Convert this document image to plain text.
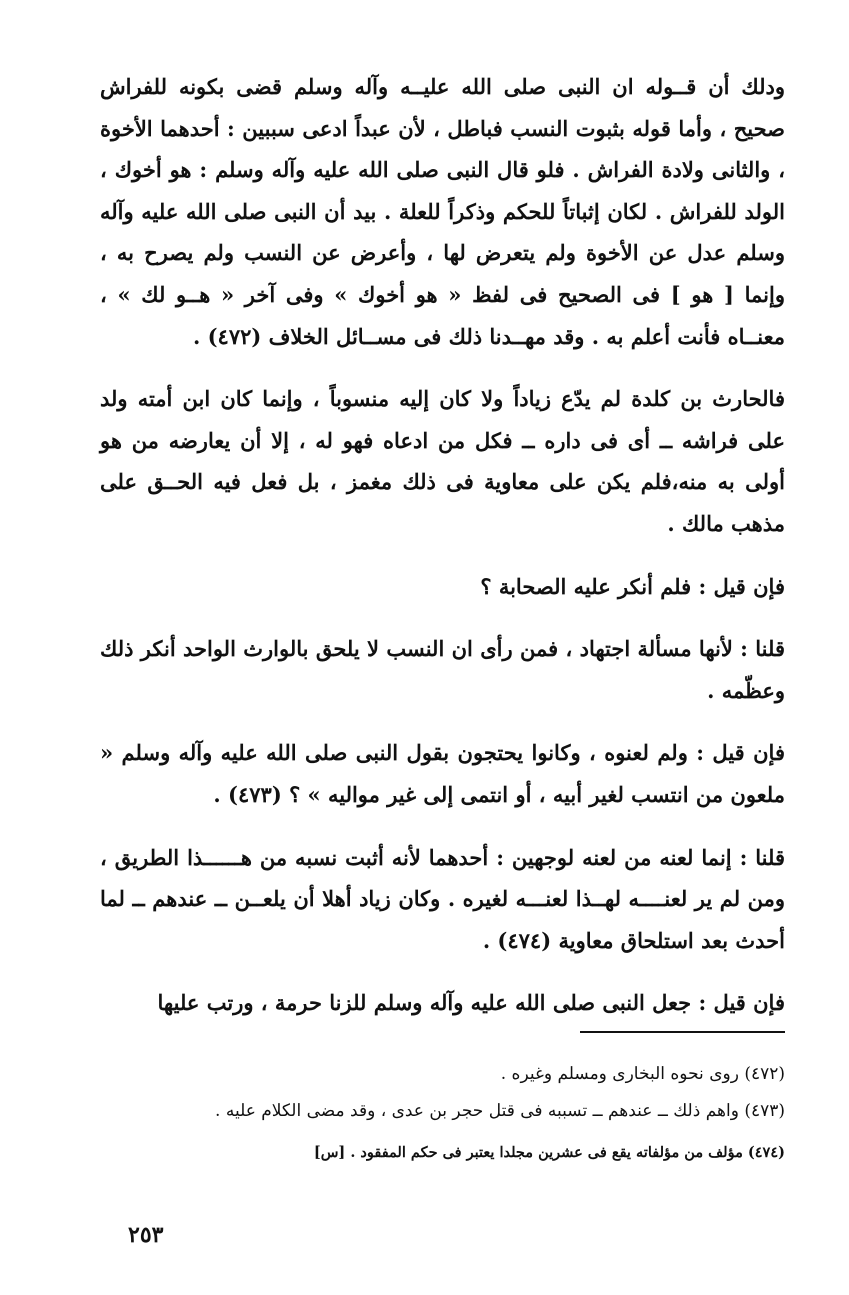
ودلك أن قــوله ان النبى صلى الله عليــه وآله وسلم قضى بكونه للفراش صحيح ، وأما قوله بثبوت النسب فباطل ، لأن عبداً ادعى سببين : أحدهما الأخوة ، والثانى ولادة الفراش . فلو قال النبى صلى الله عليه وآله وسلم : هو أخوك ، الولد للفراش . لكان إثباتاً للحكم وذكراً للعلة . بيد أن النبى صلى الله عليه وآله وسلم عدل عن الأخوة ولم يتعرض لها ، وأعرض عن النسب ولم يصرح به ، وإنما [ هو ] فى الصحيح فى لفظ « هو أخوك » وفى آخر « هــو لك » ، معنــاه فأنت أعلم به . وقد مهــدنا ذلك فى مســائل الخلاف (٤٧٢) .

فالحارث بن كلدة لم يدّع زياداً ولا كان إليه منسوباً ، وإنما كان ابن أمته ولد على فراشه ــ أى فى داره ــ فكل من ادعاه فهو له ، إلا أن يعارضه من هو أولى به منه،فلم يكن على معاوية فى ذلك مغمز ، بل فعل فيه الحــق على مذهب مالك .

فإن قيل : فلم أنكر عليه الصحابة ؟

قلنا : لأنها مسألة اجتهاد ، فمن رأى ان النسب لا يلحق بالوارث الواحد أنكر ذلك وعظّمه .

فإن قيل : ولم لعنوه ، وكانوا يحتجون بقول النبى صلى الله عليه وآله وسلم « ملعون من انتسب لغير أبيه ، أو انتمى إلى غير مواليه » ؟ (٤٧٣) .

قلنا : إنما لعنه من لعنه لوجهين : أحدهما لأنه أثبت نسبه من هــــــذا الطريق ، ومن لم ير لعنــــه لهــذا لعنـــه لغيره . وكان زياد أهلا أن يلعــن ــ عندهم ــ لما أحدث بعد استلحاق معاوية (٤٧٤) .

فإن قيل : جعل النبى صلى الله عليه وآله وسلم للزنا حرمة ، ورتب عليها

(٤٧٢) روى نحوه البخارى ومسلم وغيره .

(٤٧٣) واهم ذلك ــ عندهم ــ تسببه فى قتل حجر بن عدى ، وقد مضى الكلام عليه .

(٤٧٤) مؤلف من مؤلفاته يقع فى عشرين مجلدا يعتبر فى حكم المفقود . [س]

٢٥٣
